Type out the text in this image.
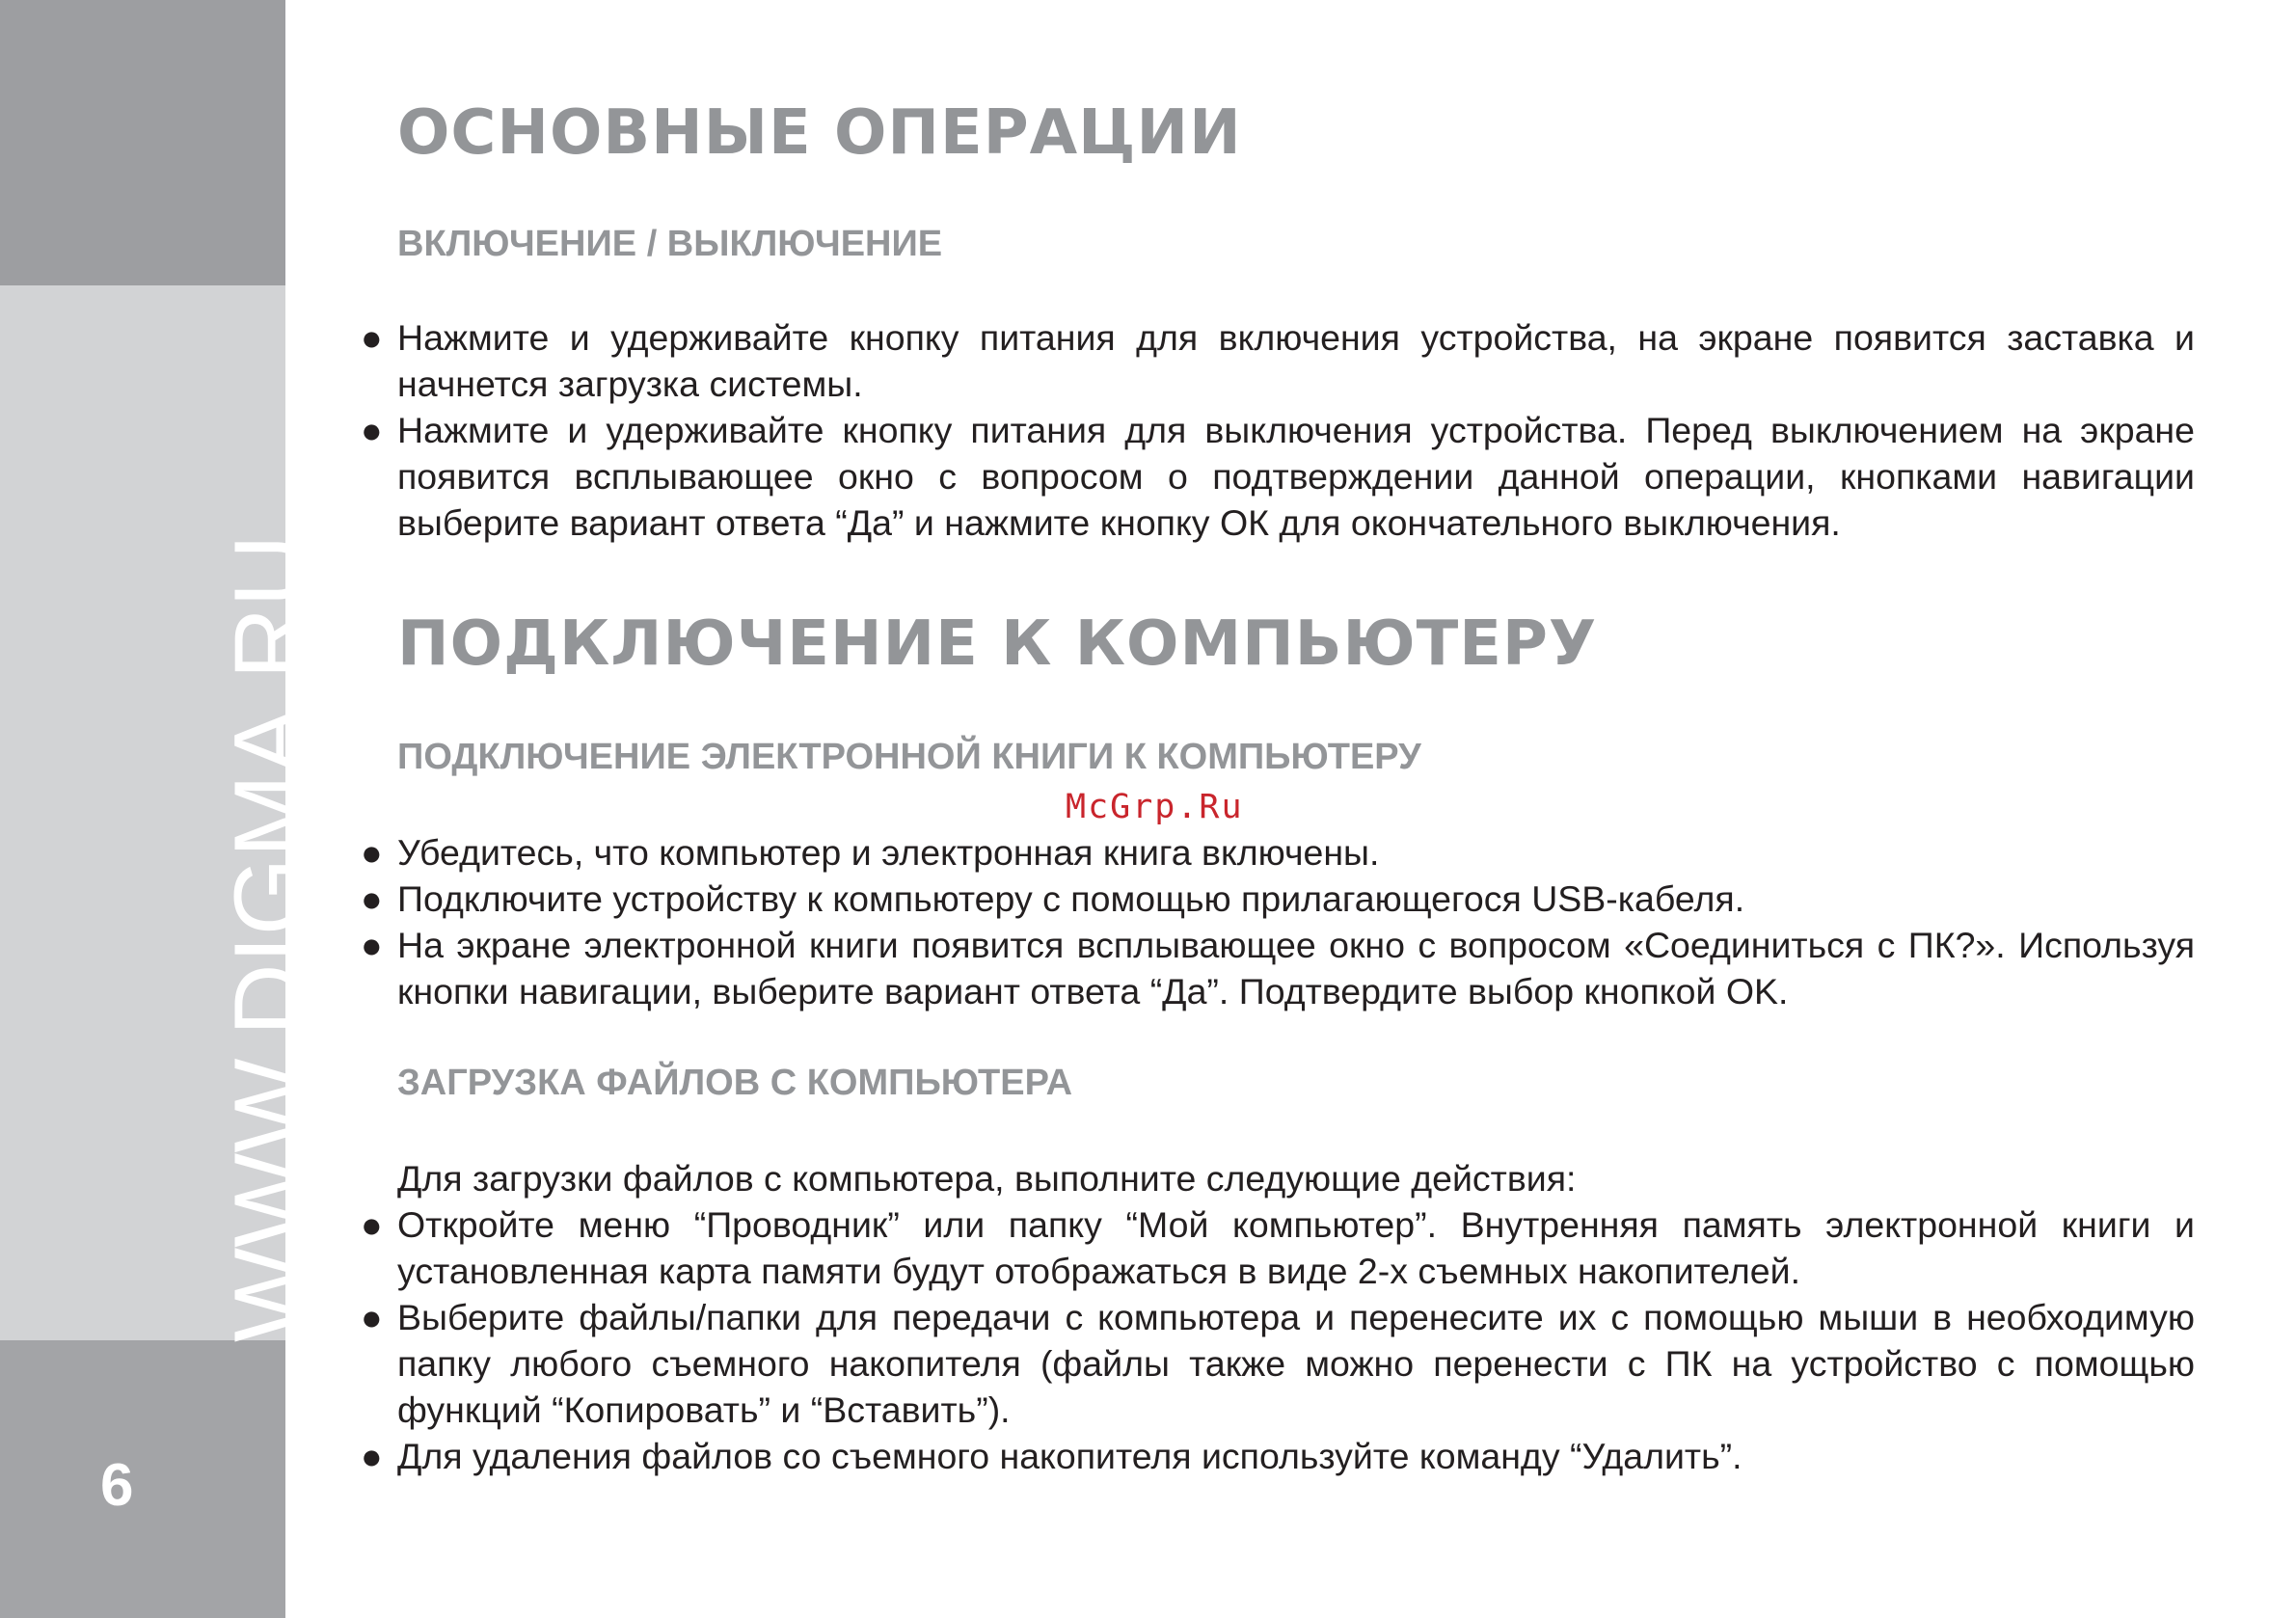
WWW.DIGMA.RU
6
ОСНОВНЫЕ ОПЕРАЦИИ
ВКЛЮЧЕНИЕ / ВЫКЛЮЧЕНИЕ
● Нажмите и удерживайте кнопку питания для включения устройства, на экране появится заставка и начнется загрузка системы.
● Нажмите и удерживайте кнопку питания для выключения устройства. Перед выключением на экране появится всплывающее окно с вопросом о подтверждении данной операции, кнопками навигации выберите вариант ответа “Да” и нажмите кнопку ОК для окончательного выключения.
ПОДКЛЮЧЕНИЕ К КОМПЬЮТЕРУ
ПОДКЛЮЧЕНИЕ ЭЛЕКТРОННОЙ КНИГИ К КОМПЬЮТЕРУ
● Убедитесь, что компьютер и электронная книга включены.
● Подключите устройству к компьютеру с помощью прилагающегося USB-кабеля.
● На экране электронной книги появится всплывающее окно с вопросом «Соединиться с ПК?». Используя кнопки навигации, выберите вариант ответа “Да”. Подтвердите выбор кнопкой OK.
ЗАГРУЗКА ФАЙЛОВ С КОМПЬЮТЕРА
Для загрузки файлов с компьютера, выполните следующие действия:
● Откройте меню “Проводник” или папку “Мой компьютер”. Внутренняя память электронной книги и установленная карта памяти будут отображаться в виде 2-х съемных накопителей.
● Выберите файлы/папки для передачи с компьютера и перенесите их с помощью мыши в необходимую папку любого съемного накопителя (файлы также можно перенести с ПК на устройство с помощью функций “Копировать” и “Вставить”).
● Для удаления файлов со съемного накопителя используйте команду “Удалить”.
McGrp.Ru
